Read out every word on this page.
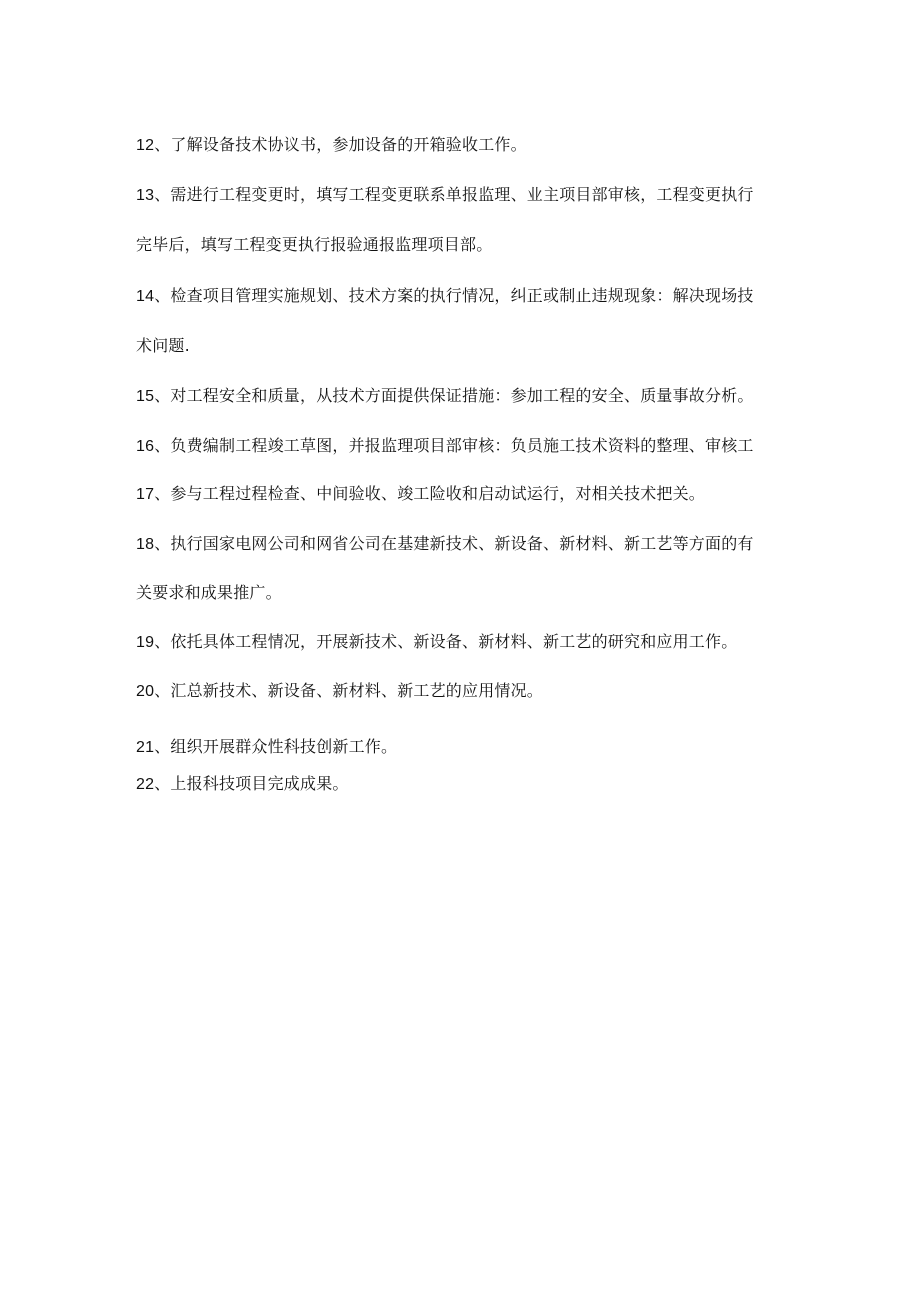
12、了解设备技术协议书，参加设备的开箱验收工作。
13、需进行工程变更时，填写工程变更联系单报监理、业主项目部审核，工程变更执行
完毕后，填写工程变更执行报验通报监理项目部。
14、检查项目管理实施规划、技术方案的执行情况，纠正或制止违规现象：解决现场技
术问题.
15、对工程安全和质量，从技术方面提供保证措施：参加工程的安全、质量事故分析。
16、负费编制工程竣工草图，并报监理项目部审核：负员施工技术资料的整理、审核工
17、参与工程过程检查、中间验收、竣工险收和启动试运行，对相关技术把关。
18、执行国家电网公司和网省公司在基建新技术、新设备、新材料、新工艺等方面的有
关要求和成果推广。
19、依托具体工程情况，开展新技术、新设备、新材料、新工艺的研究和应用工作。
20、汇总新技术、新设备、新材料、新工艺的应用情况。
21、组织开展群众性科技创新工作。
22、上报科技项目完成成果。
